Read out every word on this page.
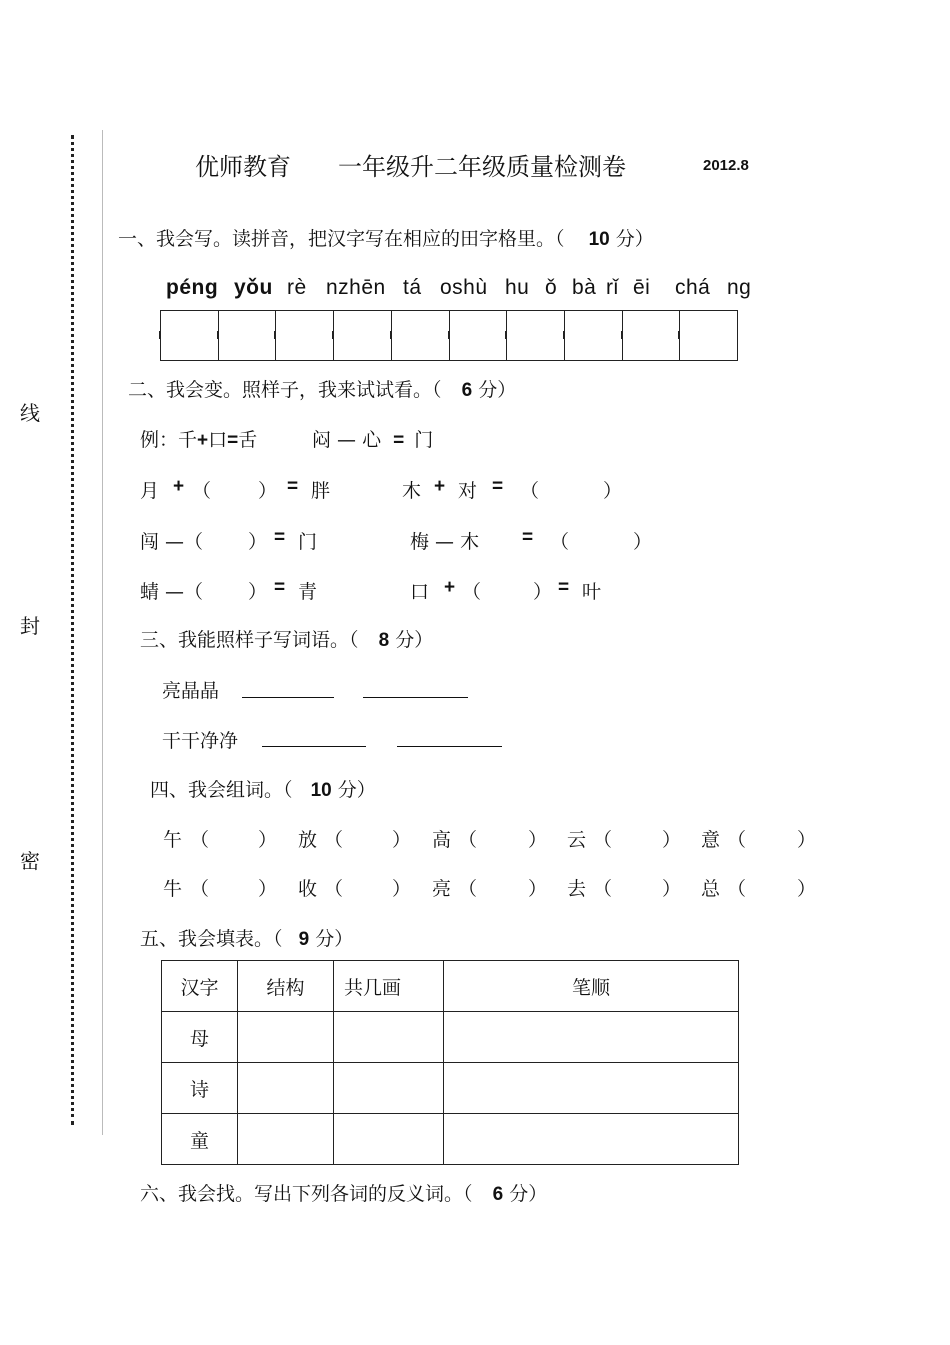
线
封
密
优师教育 一年级升二年级质量检测卷	2012.8
一、我会写。读拼音，把汉字写在相应的田字格里。（ 10 分）
péng yǒu rè nzhēn tá oshù hu ǒ bà rǐ ēi chá ng
二、我会变。照样子，我来试试看。（ 6 分）
例：千+口=舌	闷 — 心 = 门
月 + （ ） = 胖	木 + 对 = （	）
闯 —（ ） = 门	梅 — 木 = （	）
蜻 —（ ） = 青	口 + （	） = 叶
三、我能照样子写词语。（ 8 分）
亮晶晶
干干净净
四、我会组词。（ 10 分）
午 （	） 放 （	） 高 （	） 云 （	） 意 （	）
牛 （	） 收 （	） 亮 （	） 去 （	） 总 （	）
五、我会填表。（ 9 分）
汉字	结构	共几画	笔顺
母			
诗			
童			
六、我会找。写出下列各词的反义词。（ 6 分）
